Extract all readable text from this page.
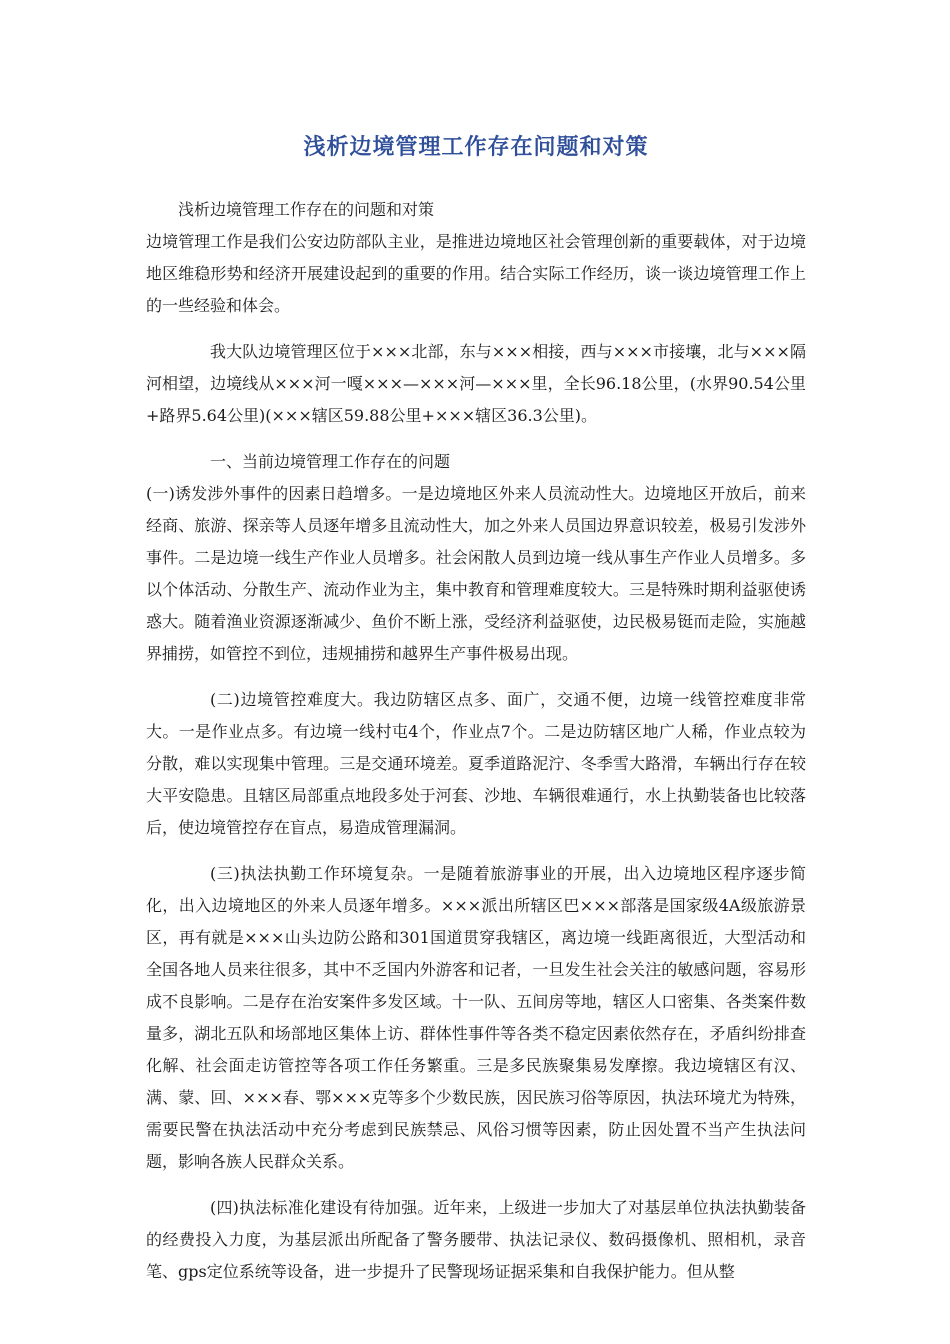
浅析边境管理工作存在问题和对策

浅析边境管理工作存在的问题和对策

边境管理工作是我们公安边防部队主业，是推进边境地区社会管理创新的重要载体，对于边境地区维稳形势和经济开展建设起到的重要的作用。结合实际工作经历，谈一谈边境管理工作上的一些经验和体会。

我大队边境管理区位于×××北部，东与×××相接，西与×××市接壤，北与×××隔河相望，边境线从×××河一嘎×××—×××河—×××里，全长96.18公里，(水界90.54公里+路界5.64公里)(×××辖区59.88公里+×××辖区36.3公里)。

一、当前边境管理工作存在的问题

(一)诱发涉外事件的因素日趋增多。一是边境地区外来人员流动性大。边境地区开放后，前来经商、旅游、探亲等人员逐年增多且流动性大，加之外来人员国边界意识较差，极易引发涉外事件。二是边境一线生产作业人员增多。社会闲散人员到边境一线从事生产作业人员增多。多以个体活动、分散生产、流动作业为主，集中教育和管理难度较大。三是特殊时期利益驱使诱惑大。随着渔业资源逐渐减少、鱼价不断上涨，受经济利益驱使，边民极易铤而走险，实施越界捕捞，如管控不到位，违规捕捞和越界生产事件极易出现。

(二)边境管控难度大。我边防辖区点多、面广，交通不便，边境一线管控难度非常大。一是作业点多。有边境一线村屯4个，作业点7个。二是边防辖区地广人稀，作业点较为分散，难以实现集中管理。三是交通环境差。夏季道路泥泞、冬季雪大路滑，车辆出行存在较大平安隐患。且辖区局部重点地段多处于河套、沙地、车辆很难通行，水上执勤装备也比较落后，使边境管控存在盲点，易造成管理漏洞。

(三)执法执勤工作环境复杂。一是随着旅游事业的开展，出入边境地区程序逐步简化，出入边境地区的外来人员逐年增多。×××派出所辖区巴×××部落是国家级4A级旅游景区，再有就是×××山头边防公路和301国道贯穿我辖区，离边境一线距离很近，大型活动和全国各地人员来往很多，其中不乏国内外游客和记者，一旦发生社会关注的敏感问题，容易形成不良影响。二是存在治安案件多发区域。十一队、五间房等地，辖区人口密集、各类案件数量多，湖北五队和场部地区集体上访、群体性事件等各类不稳定因素依然存在，矛盾纠纷排查化解、社会面走访管控等各项工作任务繁重。三是多民族聚集易发摩擦。我边境辖区有汉、满、蒙、回、×××春、鄂×××克等多个少数民族，因民族习俗等原因，执法环境尤为特殊，需要民警在执法活动中充分考虑到民族禁忌、风俗习惯等因素，防止因处置不当产生执法问题，影响各族人民群众关系。

(四)执法标准化建设有待加强。近年来，上级进一步加大了对基层单位执法执勤装备的经费投入力度，为基层派出所配备了警务腰带、执法记录仪、数码摄像机、照相机，录音笔、gps定位系统等设备，进一步提升了民警现场证据采集和自我保护能力。但从整
